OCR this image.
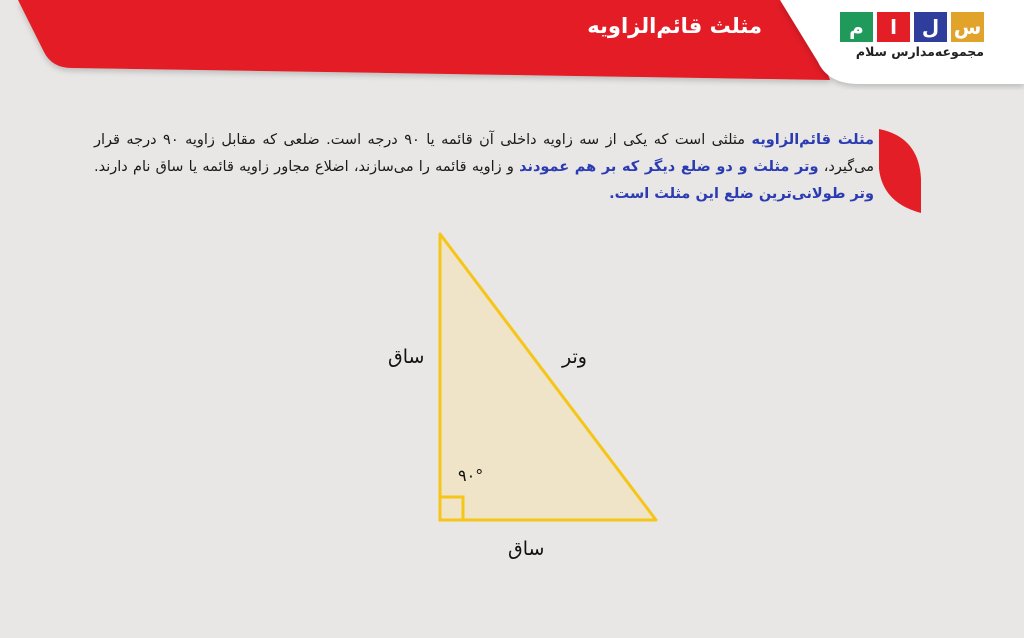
مثلث قائم‌الزاویه	س
ل
ا
م
مجموعه‌مدارس سلام
مثلث قائم‌الزاویه مثلثی است که یکی از سه زاویه داخلی آن قائمه یا ۹۰ درجه است. ضلعی که مقابل زاویه ۹۰ درجه قرار می‌گیرد، وتر مثلث و دو ضلع دیگر که بر هم عمودند و زاویه قائمه را می‌سازند، اضلاع مجاور زاویه قائمه یا ساق نام دارند. وتر طولانی‌ترین ضلع این مثلث است.
ساق	وتر
ساق
۹۰°
